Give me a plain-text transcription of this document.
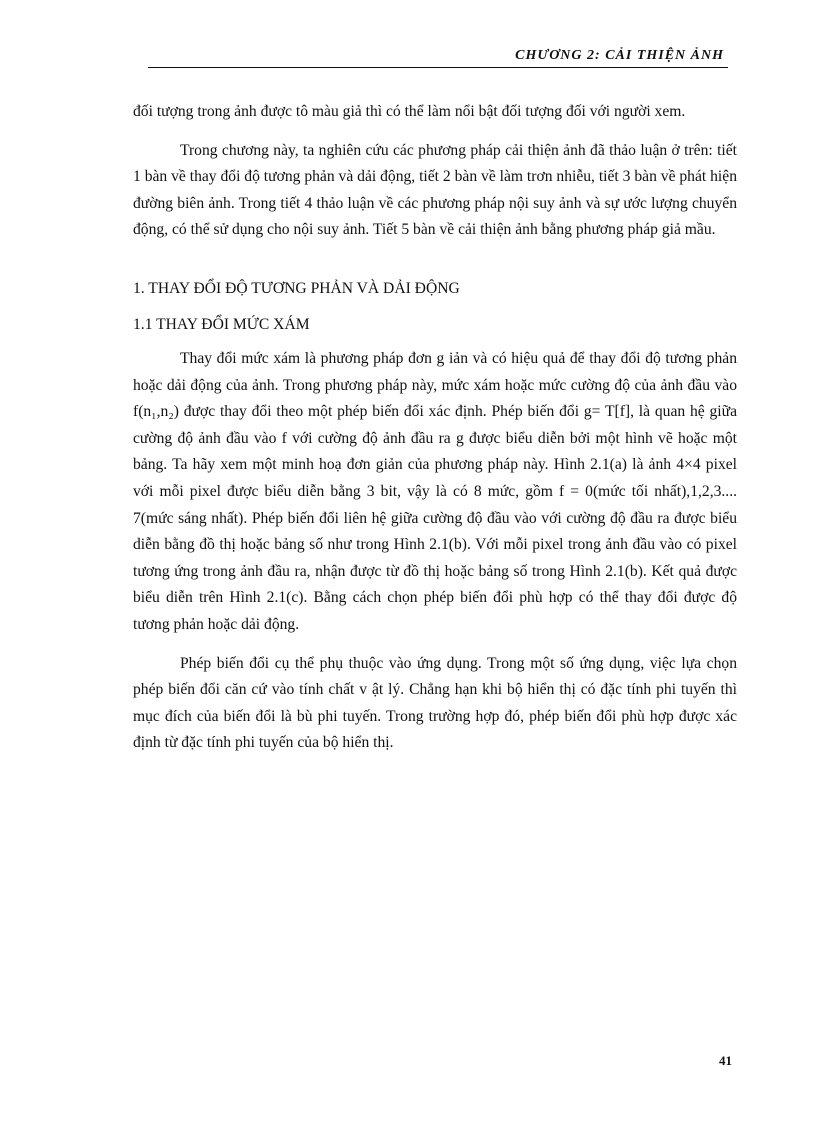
CHƯƠNG 2: CẢI THIỆN ẢNH

đối tượng trong ảnh được tô màu giả thì có thể làm nổi bật đối tượng đối với người xem.

Trong chương này, ta nghiên cứu các phương pháp cải thiện ảnh đã thảo luận ở trên: tiết 1 bàn về thay đổi độ tương phản và dải động, tiết 2 bàn về làm trơn nhiễu, tiết 3 bàn về phát hiện đường biên ảnh. Trong tiết 4 thảo luận về các phương pháp nội suy ảnh và sự ước lượng chuyển động, có thể sử dụng cho nội suy ảnh. Tiết 5 bàn về cải thiện ảnh bằng phương pháp giả mầu.

1. THAY ĐỔI ĐỘ TƯƠNG PHẢN VÀ DẢI ĐỘNG

1.1 THAY ĐỔI MỨC XÁM

Thay đổi mức xám là phương pháp đơn g iản và có hiệu quả để thay đổi độ tương phản hoặc dải động của ảnh. Trong phương pháp này, mức xám hoặc mức cường độ của ảnh đầu vào f(n₁,n₂) được thay đổi theo một phép biến đổi xác định. Phép biến đổi g= T[f], là quan hệ giữa cường độ ảnh đầu vào f với cường độ ảnh đầu ra g được biểu diễn bởi một hình vẽ hoặc một bảng. Ta hãy xem một minh hoạ đơn giản của phương pháp này. Hình 2.1(a) là ảnh 4×4 pixel với mỗi pixel được biểu diễn bằng 3 bit, vậy là có 8 mức, gồm f = 0(mức tối nhất),1,2,3.... 7(mức sáng nhất). Phép biến đổi liên hệ giữa cường độ đầu vào với cường độ đầu ra được biểu diễn bằng đồ thị hoặc bảng số như trong Hình 2.1(b). Với mỗi pixel trong ảnh đầu vào có pixel tương ứng trong ảnh đầu ra, nhận được từ đồ thị hoặc bảng số trong Hình 2.1(b). Kết quả được biểu diễn trên Hình 2.1(c). Bằng cách chọn phép biến đổi phù hợp có thể thay đổi được độ tương phản hoặc dải động.

Phép biến đổi cụ thể phụ thuộc vào ứng dụng. Trong một số ứng dụng, việc lựa chọn phép biến đổi căn cứ vào tính chất v ật lý. Chẳng hạn khi bộ hiển thị có đặc tính phi tuyến thì mục đích của biến đổi là bù phi tuyến. Trong trường hợp đó, phép biến đổi phù hợp được xác định từ đặc tính phi tuyến của bộ hiển thị.

41
